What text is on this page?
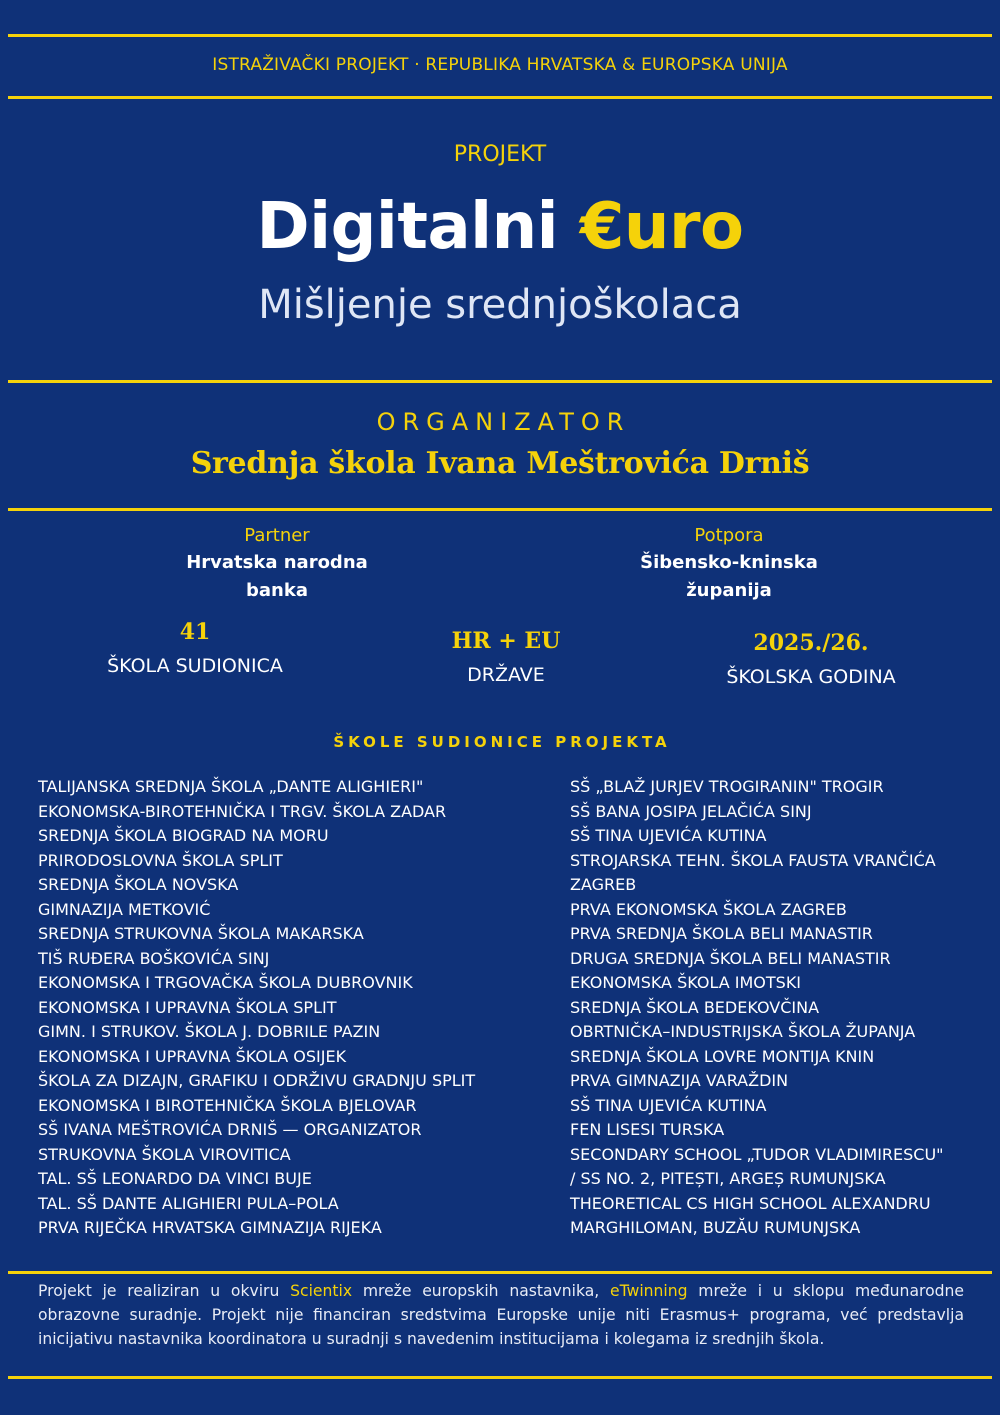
ISTRAŽIVAČKI PROJEKT · REPUBLIKA HRVATSKA & EUROPSKA UNIJA
PROJEKT
Digitalni €uro
Mišljenje srednjoškolaca
ORGANIZATOR
Srednja škola Ivana Meštrovića Drniš
Partner
Hrvatska narodna
banka
Potpora
Šibensko-kninska
županija
41
ŠKOLA SUDIONICA
HR + EU
DRŽAVE
2025./26.
ŠKOLSKA GODINA
ŠKOLE SUDIONICE PROJEKTA
TALIJANSKA SREDNJA ŠKOLA „DANTE ALIGHIERI"
EKONOMSKA-BIROTEHNIČKA I TRGV. ŠKOLA ZADAR
SREDNJA ŠKOLA BIOGRAD NA MORU
PRIRODOSLOVNA ŠKOLA SPLIT
SREDNJA ŠKOLA NOVSKA
GIMNAZIJA METKOVIĆ
SREDNJA STRUKOVNA ŠKOLA MAKARSKA
TIŠ RUĐERA BOŠKOVIĆA SINJ
EKONOMSKA I TRGOVAČKA ŠKOLA DUBROVNIK
EKONOMSKA I UPRAVNA ŠKOLA SPLIT
GIMN. I STRUKOV. ŠKOLA J. DOBRILE PAZIN
EKONOMSKA I UPRAVNA ŠKOLA OSIJEK
ŠKOLA ZA DIZAJN, GRAFIKU I ODRŽIVU GRADNJU SPLIT
EKONOMSKA I BIROTEHNIČKA ŠKOLA BJELOVAR
SŠ IVANA MEŠTROVIĆA DRNIŠ — ORGANIZATOR
STRUKOVNA ŠKOLA VIROVITICA
TAL. SŠ LEONARDO DA VINCI BUJE
TAL. SŠ DANTE ALIGHIERI PULA–POLA
PRVA RIJEČKA HRVATSKA GIMNAZIJA RIJEKA
SŠ „BLAŽ JURJEV TROGIRANIN" TROGIR
SŠ BANA JOSIPA JELAČIĆA SINJ
SŠ TINA UJEVIĆA KUTINA
STROJARSKA TEHN. ŠKOLA FAUSTA VRANČIĆA
ZAGREB
PRVA EKONOMSKA ŠKOLA ZAGREB
PRVA SREDNJA ŠKOLA BELI MANASTIR
DRUGA SREDNJA ŠKOLA BELI MANASTIR
EKONOMSKA ŠKOLA IMOTSKI
SREDNJA ŠKOLA BEDEKOVČINA
OBRTNIČKA–INDUSTRIJSKA ŠKOLA ŽUPANJA
SREDNJA ŠKOLA LOVRE MONTIJA KNIN
PRVA GIMNAZIJA VARAŽDIN
SŠ TINA UJEVIĆA KUTINA
FEN LISESI TURSKA
SECONDARY SCHOOL „TUDOR VLADIMIRESCU"
/ SS NO. 2, PITEȘTI, ARGEȘ RUMUNJSKA
THEORETICAL CS HIGH SCHOOL ALEXANDRU
MARGHILOMAN, BUZĂU RUMUNJSKA
Projekt je realiziran u okviru Scientix mreže europskih nastavnika, eTwinning mreže i u sklopu međunarodne obrazovne suradnje. Projekt nije financiran sredstvima Europske unije niti Erasmus+ programa, već predstavlja inicijativu nastavnika koordinatora u suradnji s navedenim institucijama i kolegama iz srednjih škola.
